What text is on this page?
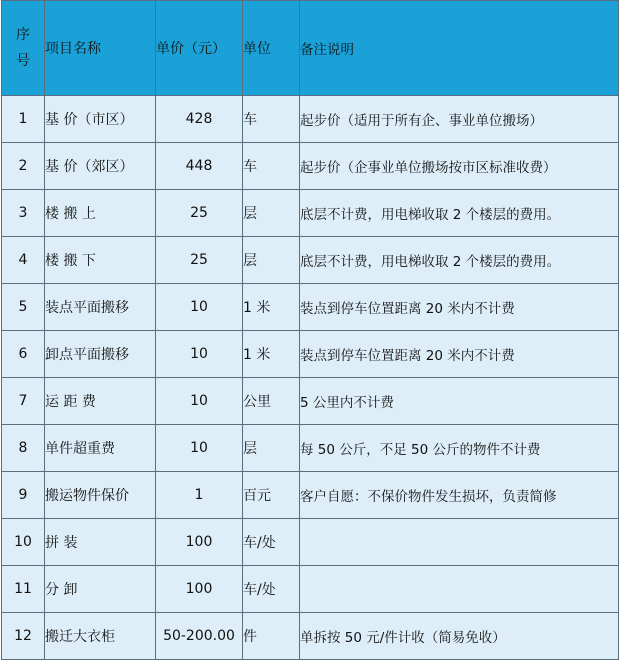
序
号	项目名称	单价（元）	单位	备注说明
1	基 价（市区）	428	车	起步价（适用于所有企、事业单位搬场）
2	基 价（郊区）	448	车	起步价（企事业单位搬场按市区标准收费）
3	楼 搬 上	25	层	底层不计费，用电梯收取 2 个楼层的费用。
4	楼 搬 下	25	层	底层不计费，用电梯收取 2 个楼层的费用。
5	装点平面搬移	10	1 米	装点到停车位置距离 20 米内不计费
6	卸点平面搬移	10	1 米	装点到停车位置距离 20 米内不计费
7	运 距 费	10	公里	5 公里内不计费
8	单件超重费	10	层	每 50 公斤，不足 50 公斤的物件不计费
9	搬运物件保价	1	百元	客户自愿：不保价物件发生损坏，负责简修
10	拼 装	100	车/处	
11	分 卸	100	车/处	
12	搬迁大衣柜	50-200.00	件	单拆按 50 元/件计收（简易免收）
